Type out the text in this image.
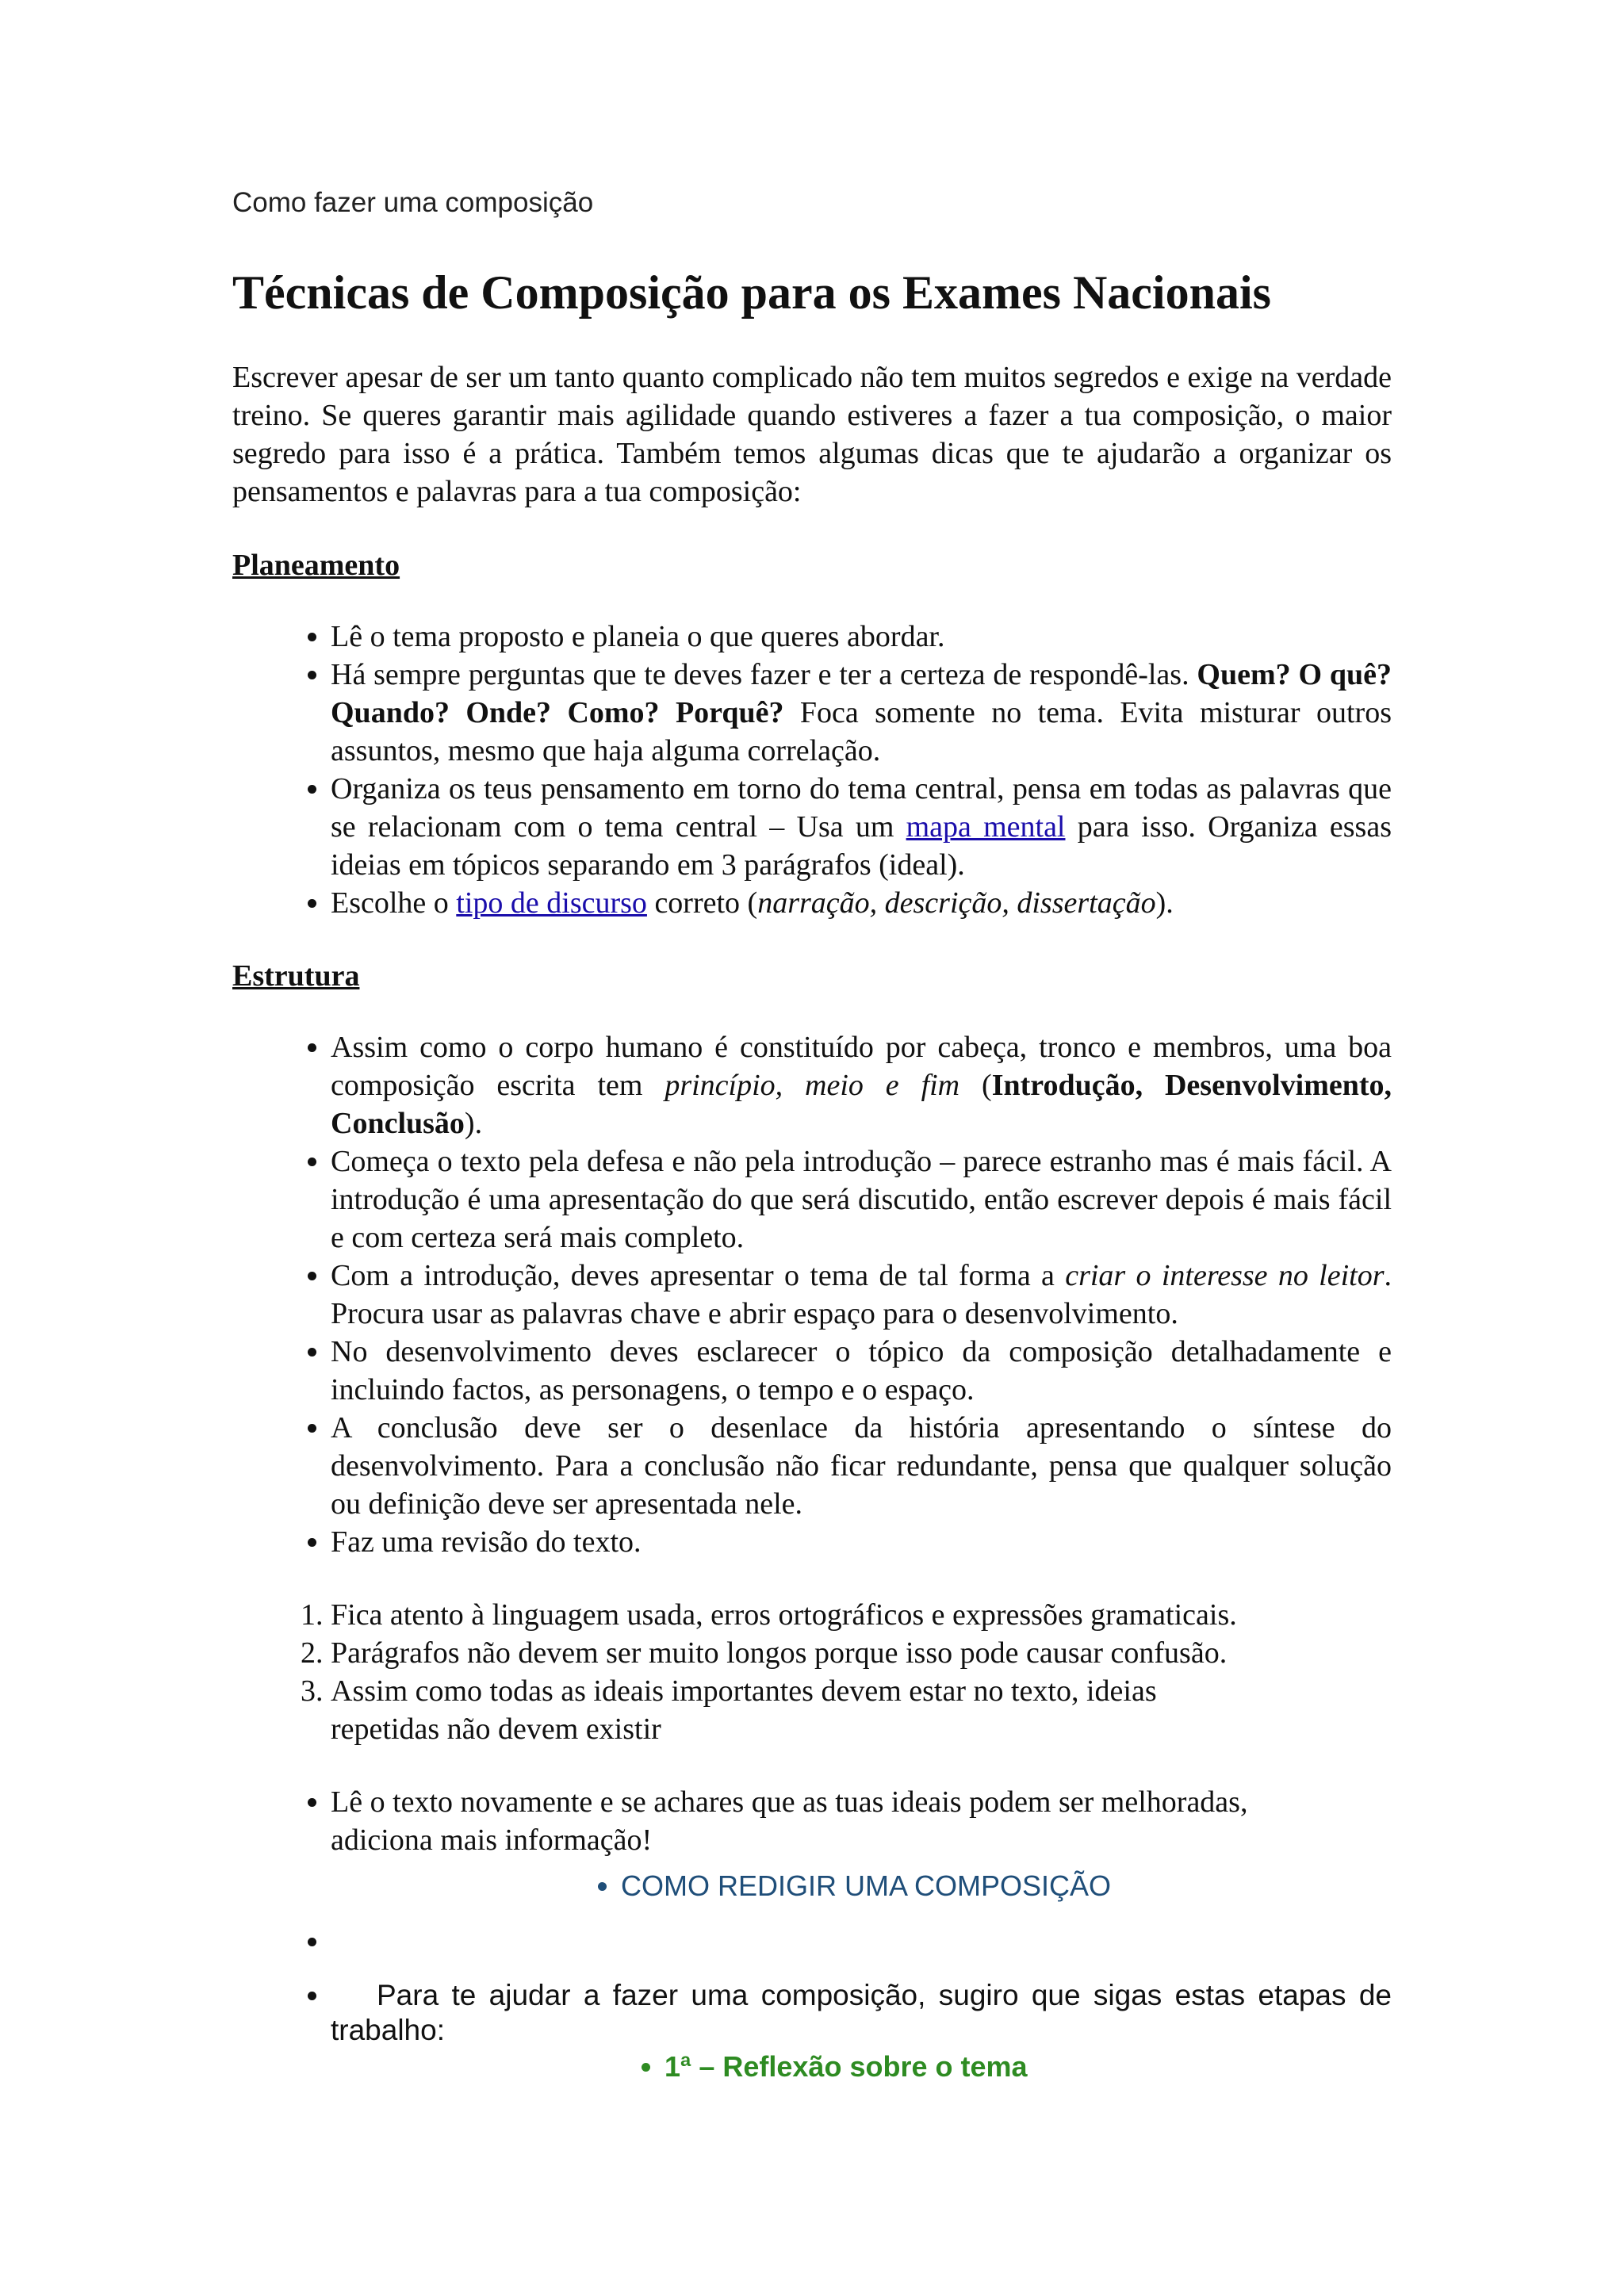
Como fazer uma composição
Técnicas de Composição para os Exames Nacionais

Escrever apesar de ser um tanto quanto complicado não tem muitos segredos e exige na verdade treino. Se queres garantir mais agilidade quando estiveres a fazer a tua composição, o maior segredo para isso é a prática. Também temos algumas dicas que te ajudarão a organizar os pensamentos e palavras para a tua composição:

Planeamento
• Lê o tema proposto e planeia o que queres abordar.
• Há sempre perguntas que te deves fazer e ter a certeza de respondê-las. Quem? O quê? Quando? Onde? Como? Porquê? Foca somente no tema. Evita misturar outros assuntos, mesmo que haja alguma correlação.
• Organiza os teus pensamento em torno do tema central, pensa em todas as palavras que se relacionam com o tema central – Usa um mapa mental para isso. Organiza essas ideias em tópicos separando em 3 parágrafos (ideal).
• Escolhe o tipo de discurso correto (narração, descrição, dissertação).
Estrutura
• Assim como o corpo humano é constituído por cabeça, tronco e membros, uma boa composição escrita tem princípio, meio e fim (Introdução, Desenvolvimento, Conclusão).
• Começa o texto pela defesa e não pela introdução – parece estranho mas é mais fácil. A introdução é uma apresentação do que será discutido, então escrever depois é mais fácil e com certeza será mais completo.
• Com a introdução, deves apresentar o tema de tal forma a criar o interesse no leitor. Procura usar as palavras chave e abrir espaço para o desenvolvimento.
• No desenvolvimento deves esclarecer o tópico da composição detalhadamente e incluindo factos, as personagens, o tempo e o espaço.
• A conclusão deve ser o desenlace da história apresentando o síntese do desenvolvimento. Para a conclusão não ficar redundante, pensa que qualquer solução ou definição deve ser apresentada nele.
• Faz uma revisão do texto.
1. Fica atento à linguagem usada, erros ortográficos e expressões gramaticais.
2. Parágrafos não devem ser muito longos porque isso pode causar confusão.
3. Assim como todas as ideais importantes devem estar no texto, ideias repetidas não devem existir
• Lê o texto novamente e se achares que as tuas ideais podem ser melhoradas, adiciona mais informação!
• COMO REDIGIR UMA COMPOSIÇÃO
•
• Para te ajudar a fazer uma composição, sugiro que sigas estas etapas de trabalho:
• 1ª – Reflexão sobre o tema
